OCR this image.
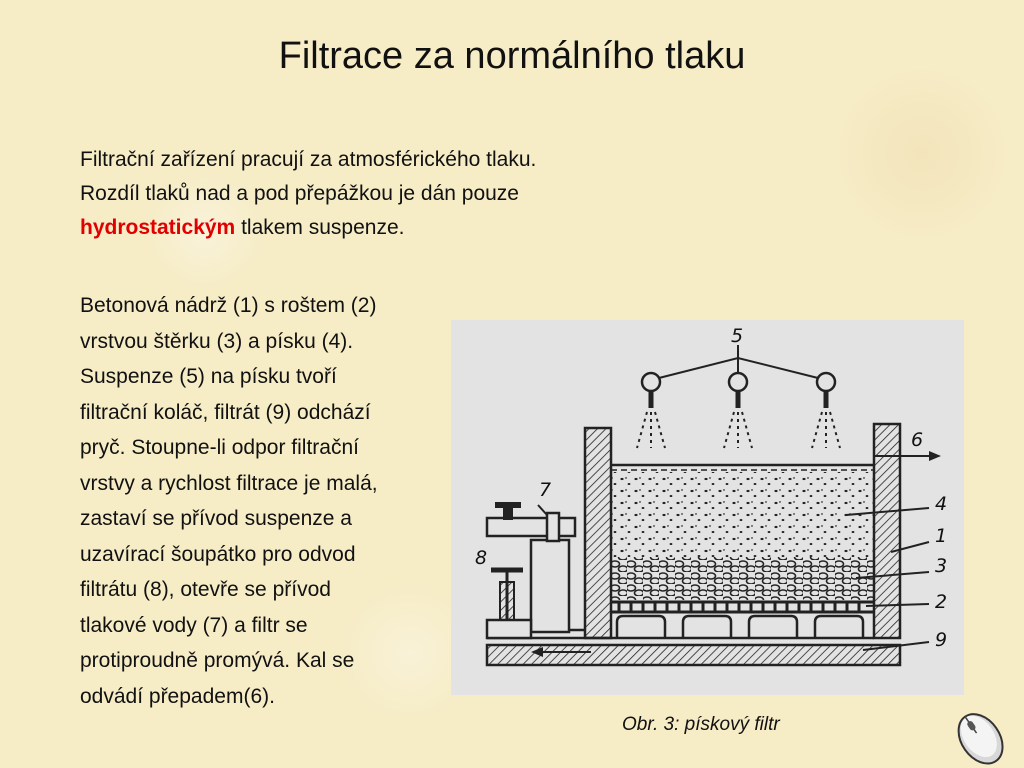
Filtrace za normálního tlaku
Filtrační zařízení pracují za atmosférického tlaku.
Rozdíl tlaků nad a pod přepážkou je dán pouze
hydrostatickým tlakem suspenze.
Betonová nádrž (1) s roštem (2)
vrstvou štěrku (3) a písku (4).
Suspenze (5) na písku tvoří
filtrační koláč, filtrát (9) odchází
pryč. Stoupne-li odpor filtrační
vrstvy a rychlost filtrace je malá,
zastaví se přívod suspenze a
uzavírací šoupátko pro odvod
filtrátu (8), otevře se přívod
tlakové vody (7) a filtr se
protiproudně promývá. Kal se
odvádí přepadem(6).
5
6
7
8
4
1
3
2
9
Obr. 3: pískový filtr
